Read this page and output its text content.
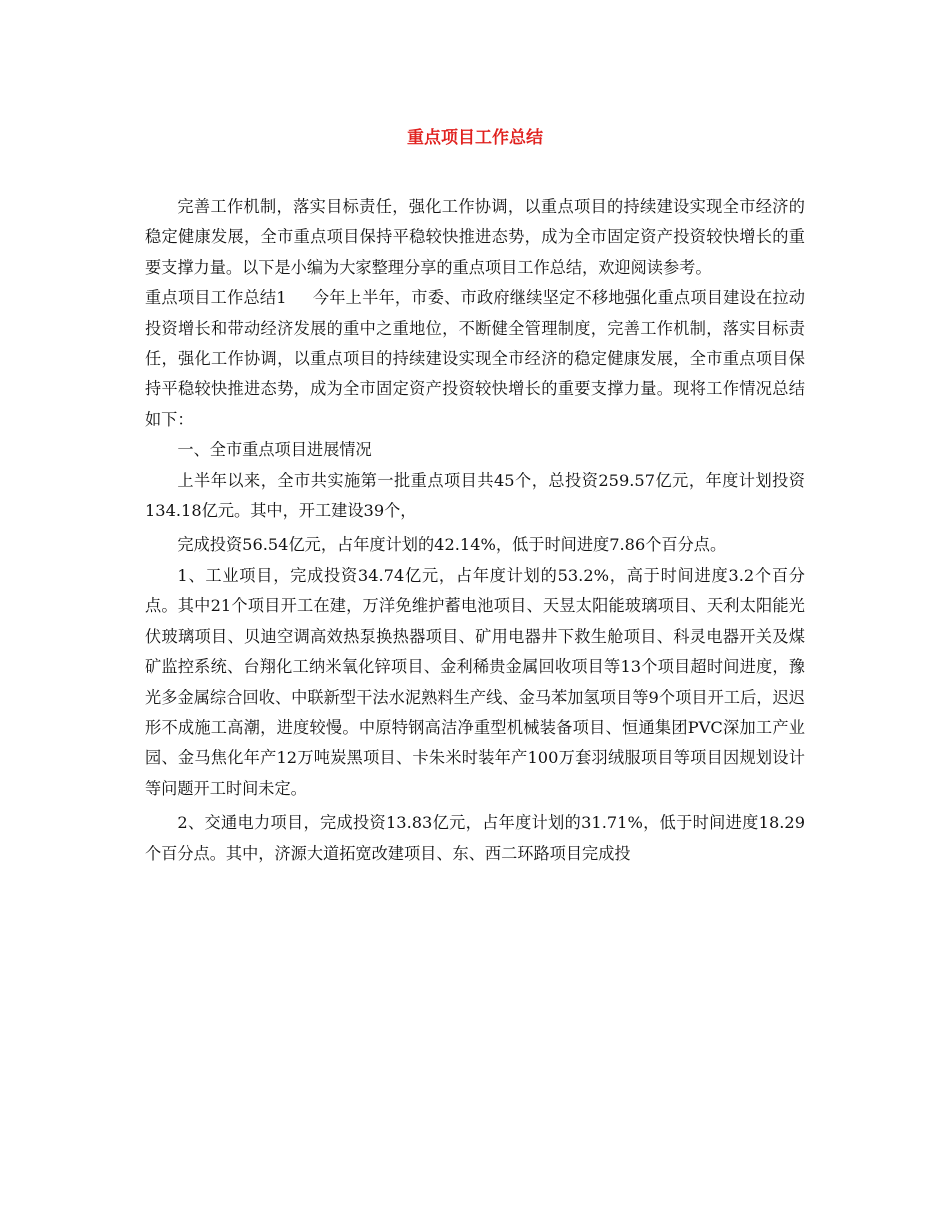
重点项目工作总结

完善工作机制，落实目标责任，强化工作协调，以重点项目的持续建设实现全市经济的稳定健康发展，全市重点项目保持平稳较快推进态势，成为全市固定资产投资较快增长的重要支撑力量。以下是小编为大家整理分享的重点项目工作总结，欢迎阅读参考。

重点项目工作总结1 今年上半年，市委、市政府继续坚定不移地强化重点项目建设在拉动投资增长和带动经济发展的重中之重地位，不断健全管理制度，完善工作机制，落实目标责任，强化工作协调，以重点项目的持续建设实现全市经济的稳定健康发展，全市重点项目保持平稳较快推进态势，成为全市固定资产投资较快增长的重要支撑力量。现将工作情况总结如下：

一、全市重点项目进展情况

上半年以来，全市共实施第一批重点项目共45个，总投资259.57亿元，年度计划投资134.18亿元。其中，开工建设39个，

完成投资56.54亿元，占年度计划的42.14%，低于时间进度7.86个百分点。

1、工业项目，完成投资34.74亿元，占年度计划的53.2%，高于时间进度3.2个百分点。其中21个项目开工在建，万洋免维护蓄电池项目、天昱太阳能玻璃项目、天利太阳能光伏玻璃项目、贝迪空调高效热泵换热器项目、矿用电器井下救生舱项目、科灵电器开关及煤矿监控系统、台翔化工纳米氧化锌项目、金利稀贵金属回收项目等13个项目超时间进度，豫光多金属综合回收、中联新型干法水泥熟料生产线、金马苯加氢项目等9个项目开工后，迟迟形不成施工高潮，进度较慢。中原特钢高洁净重型机械装备项目、恒通集团PVC深加工产业园、金马焦化年产12万吨炭黑项目、卡朱米时装年产100万套羽绒服项目等项目因规划设计等问题开工时间未定。

2、交通电力项目，完成投资13.83亿元，占年度计划的31.71%，低于时间进度18.29个百分点。其中，济源大道拓宽改建项目、东、西二环路项目完成投
